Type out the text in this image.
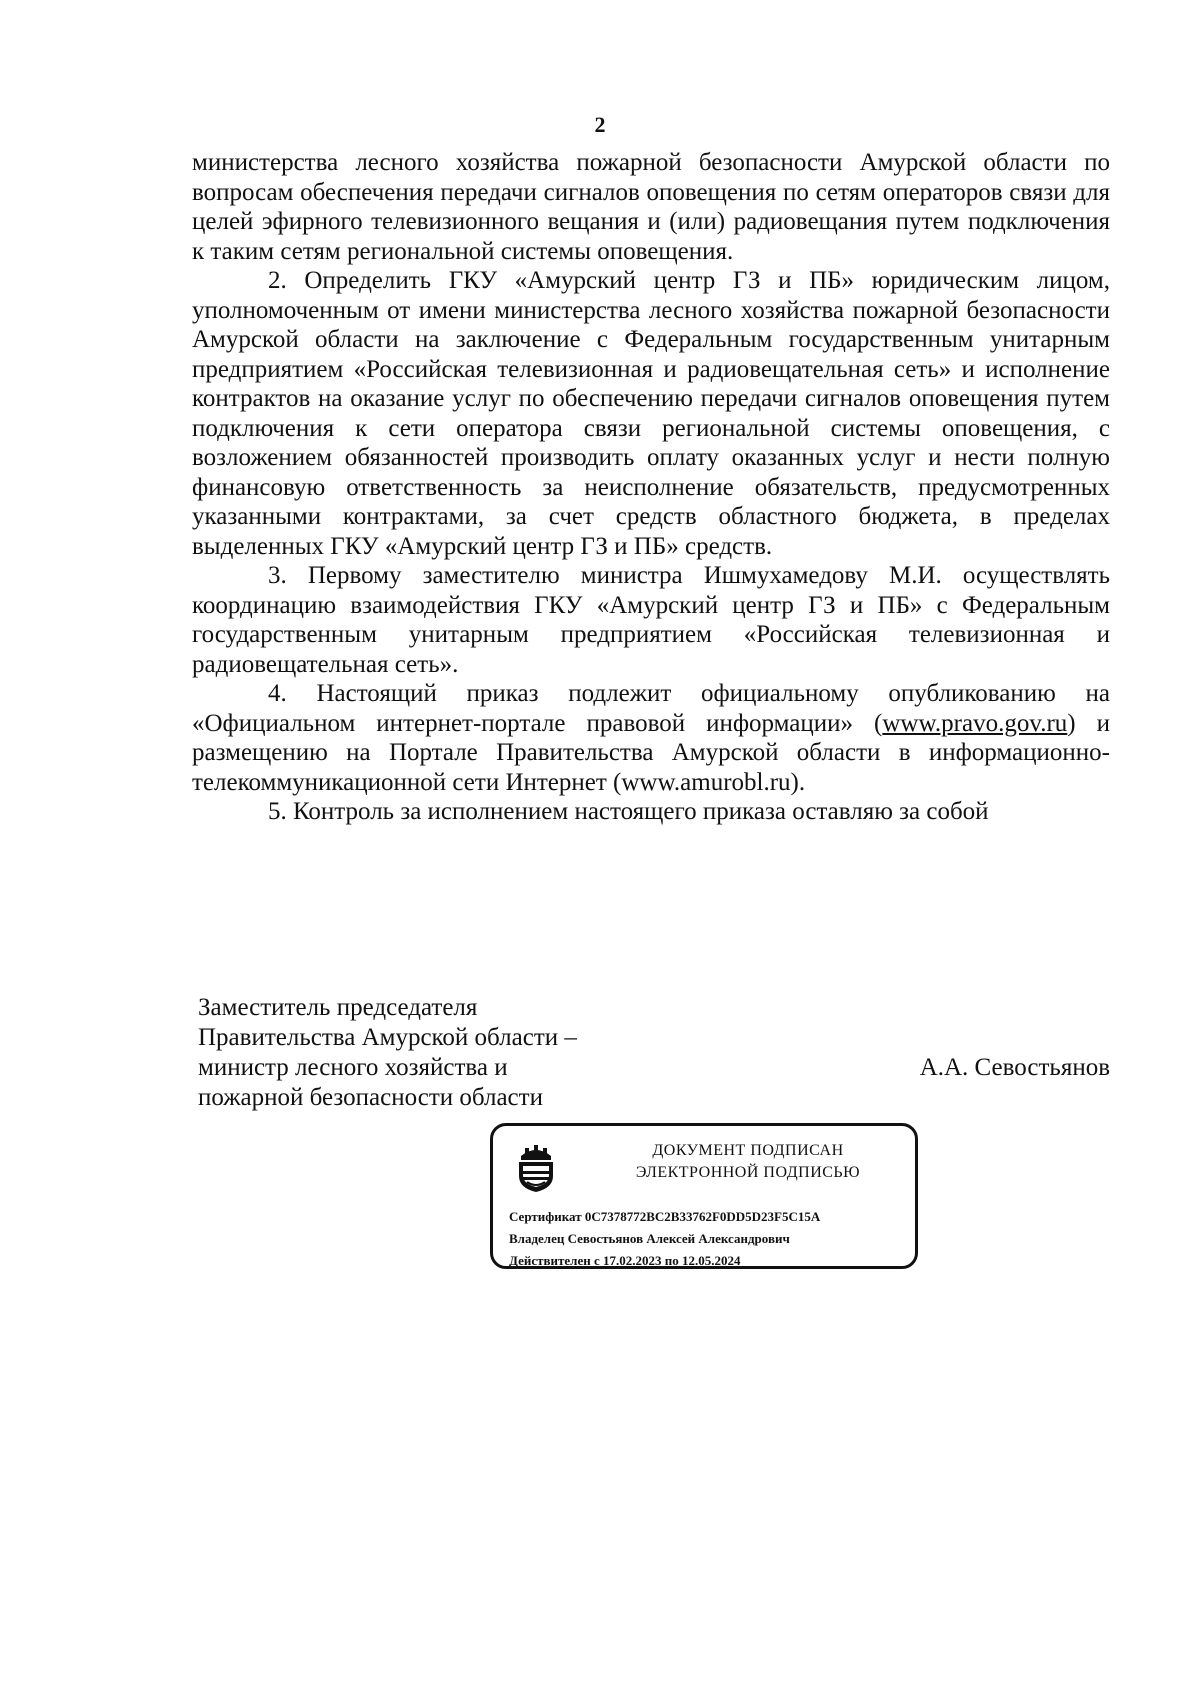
2

министерства лесного хозяйства пожарной безопасности Амурской области по вопросам обеспечения передачи сигналов оповещения по сетям операторов связи для целей эфирного телевизионного вещания и (или) радиовещания путем подключения к таким сетям региональной системы оповещения.

2. Определить ГКУ «Амурский центр ГЗ и ПБ» юридическим лицом, уполномоченным от имени министерства лесного хозяйства пожарной безопасности Амурской области на заключение с Федеральным государственным унитарным предприятием «Российская телевизионная и радиовещательная сеть» и исполнение контрактов на оказание услуг по обеспечению передачи сигналов оповещения путем подключения к сети оператора связи региональной системы оповещения, с возложением обязанностей производить оплату оказанных услуг и нести полную финансовую ответственность за неисполнение обязательств, предусмотренных указанными контрактами, за счет средств областного бюджета, в пределах выделенных ГКУ «Амурский центр ГЗ и ПБ» средств.

3. Первому заместителю министра Ишмухамедову М.И. осуществлять координацию взаимодействия ГКУ «Амурский центр ГЗ и ПБ» с Федеральным государственным унитарным предприятием «Российская телевизионная и радиовещательная сеть».

4. Настоящий приказ подлежит официальному опубликованию на «Официальном интернет-портале правовой информации» (www.pravo.gov.ru) и размещению на Портале Правительства Амурской области в информационно-телекоммуникационной сети Интернет (www.amurobl.ru).

5. Контроль за исполнением настоящего приказа оставляю за собой

Заместитель председателя
Правительства Амурской области –
министр лесного хозяйства и
пожарной безопасности области
А.А. Севостьянов
ДОКУМЕНТ ПОДПИСАН
ЭЛЕКТРОННОЙ ПОДПИСЬЮ
Сертификат 0C7378772BC2B33762F0DD5D23F5C15A
Владелец Севостьянов Алексей Александрович
Действителен с 17.02.2023 по 12.05.2024
